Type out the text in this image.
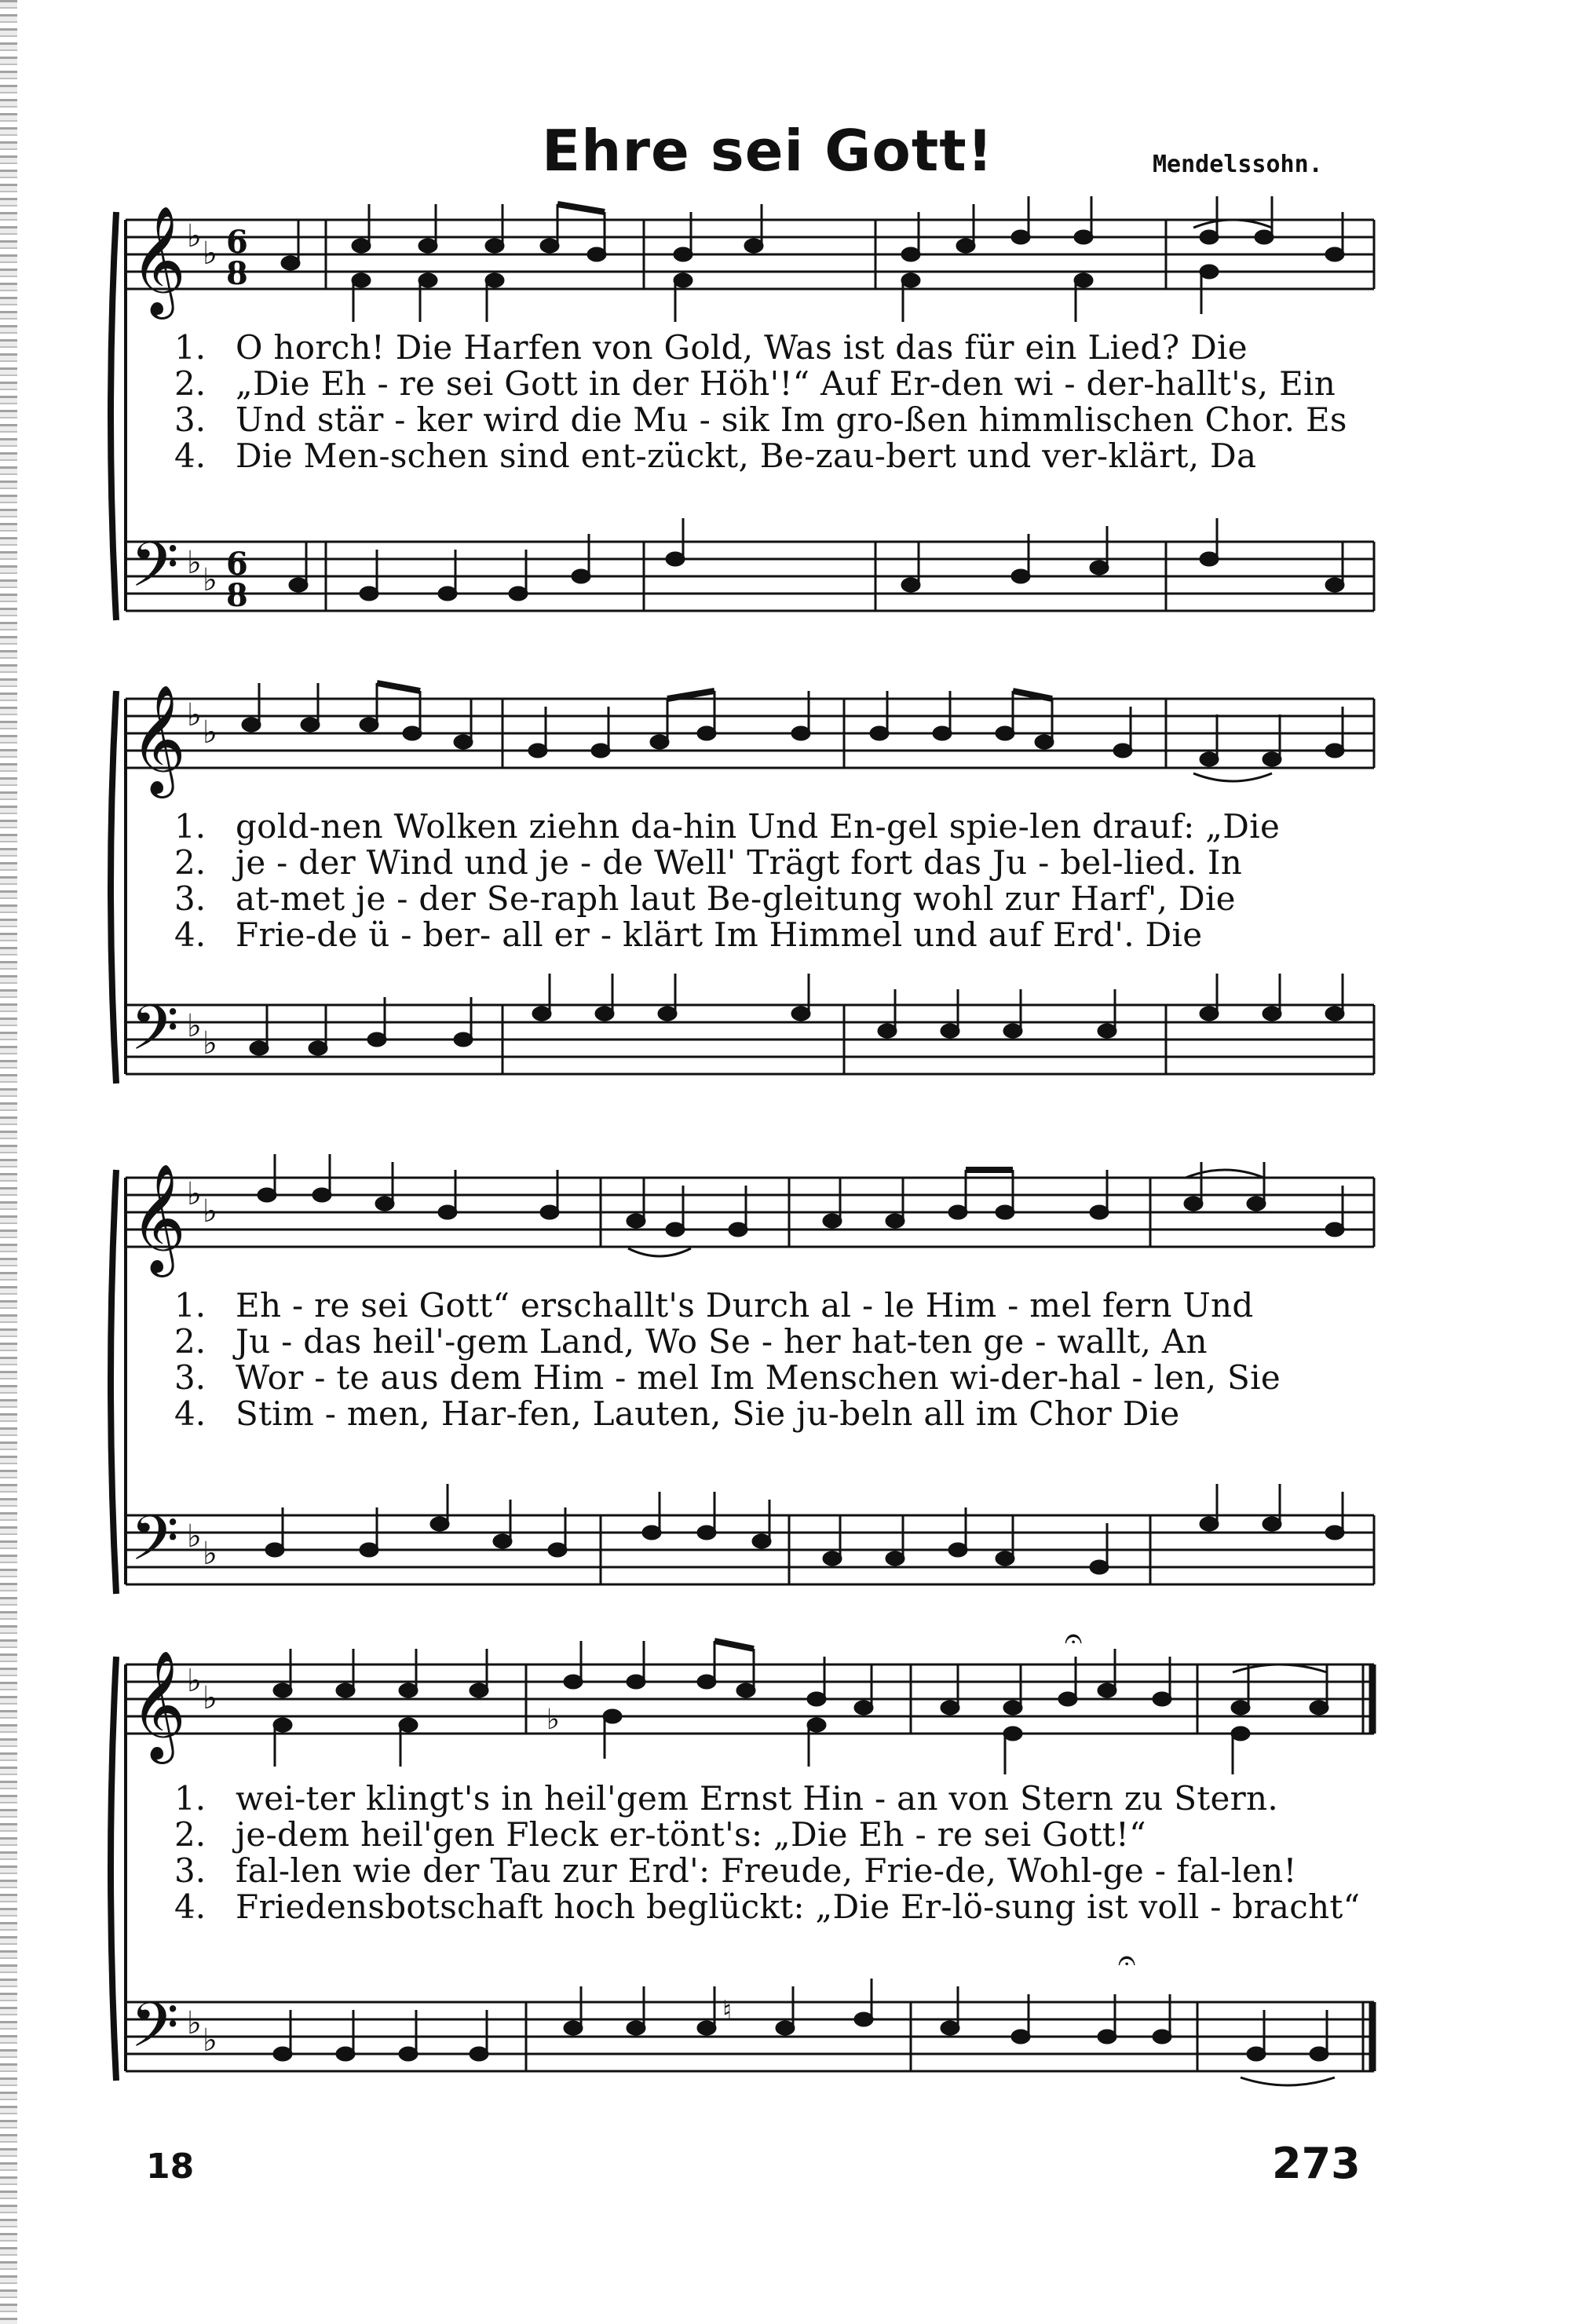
Ehre sei Gott!	Mendelssohn.
𝄞
𝄢
♭ ♭
♭ ♭
6
8
6
8
1. O horch! Die Harfen von Gold, Was ist das für ein Lied? Die
2. „Die Eh - re sei Gott in der Höh'!“ Auf Er-den wi - der-hallt's, Ein
3. Und stär - ker wird die Mu - sik Im gro-ßen himmlischen Chor. Es
4. Die Men-schen sind ent-zückt, Be-zau-bert und ver-klärt, Da
𝄞
𝄢
♭ ♭
♭ ♭
1. gold-nen Wolken ziehn da-hin Und En-gel spie-len drauf: „Die
2. je - der Wind und je - de Well' Trägt fort das Ju - bel-lied. In
3. at-met je - der Se-raph laut Be-gleitung wohl zur Harf', Die
4. Frie-de ü - ber- all er - klärt Im Himmel und auf Erd'. Die
𝄞
𝄢
♭ ♭
♭ ♭
1. Eh - re sei Gott“ erschallt's Durch al - le Him - mel fern Und
2. Ju - das heil'-gem Land, Wo Se - her hat-ten ge - wallt, An
3. Wor - te aus dem Him - mel Im Menschen wi-der-hal - len, Sie
4. Stim - men, Har-fen, Lauten, Sie ju-beln all im Chor Die
𝄞
𝄢
♭ ♭
♭ ♭
♭
♮
𝄐
𝄐
1. wei-ter klingt's in heil'gem Ernst Hin - an von Stern zu Stern.
2. je-dem heil'gen Fleck er-tönt's: „Die Eh - re sei Gott!“
3. fal-len wie der Tau zur Erd': Freude, Frie-de, Wohl-ge - fal-len!
4. Friedensbotschaft hoch beglückt: „Die Er-lö-sung ist voll - bracht“
18	273
